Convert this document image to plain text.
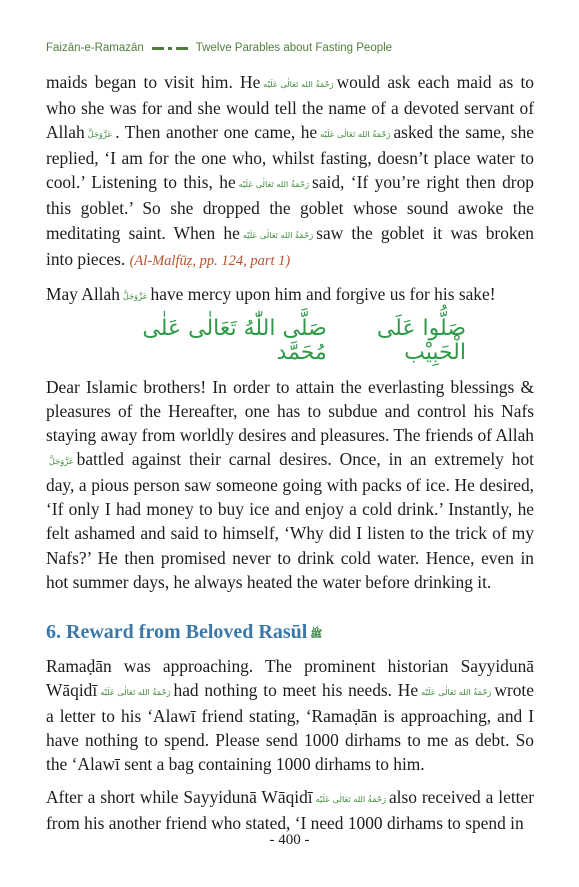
Faizān-e-Ramazān	Twelve Parables about Fasting People

maids began to visit him. He رَحْمَةُ الله تَعَالٰی عَلَیْه would ask each maid as to who she was for and she would tell the name of a devoted servant of Allah عَزَّوَجَلَّ . Then another one came, he رَحْمَةُ الله تَعَالٰی عَلَیْه asked the same, she replied, ‘I am for the one who, whilst fasting, doesn’t place water to cool.’ Listening to this, he رَحْمَةُ الله تَعَالٰی عَلَیْه said, ‘If you’re right then drop this goblet.’ So she dropped the goblet whose sound awoke the meditating saint. When he رَحْمَةُ الله تَعَالٰی عَلَیْه saw the goblet it was broken into pieces. (Al-Malfūẓ, pp. 124, part 1)

May Allah عَزَّوَجَلَّ have mercy upon him and forgive us for his sake!

صَلُّوا عَلَى الْحَبِيْب
صَلَّى اللّٰهُ تَعَالٰى عَلٰى مُحَمَّد

Dear Islamic brothers! In order to attain the everlasting blessings & pleasures of the Hereafter, one has to subdue and control his Nafs staying away from worldly desires and pleasures. The friends of Allahعَزَّوَجَلَّ battled against their carnal desires. Once, in an extremely hot day, a pious person saw someone going with packs of ice. He desired, ‘If only I had money to buy ice and enjoy a cold drink.’ Instantly, he felt ashamed and said to himself, ‘Why did I listen to the trick of my Nafs?’ He then promised never to drink cold water. Hence, even in hot summer days, he always heated the water before drinking it.

6. Reward from Beloved Rasūl ﷺ

Ramaḍān was approaching. The prominent historian Sayyidunā Wāqidī رَحْمَةُ الله تَعَالٰی عَلَیْه had nothing to meet his needs. He رَحْمَةُ الله تَعَالٰی عَلَیْه wrote a letter to his ‘Alawī friend stating, ‘Ramaḍān is approaching, and I have nothing to spend. Please send 1000 dirhams to me as debt. So the ‘Alawī sent a bag containing 1000 dirhams to him.

After a short while Sayyidunā Wāqidī رَحْمَةُ الله تَعَالٰی عَلَیْه also received a letter from his another friend who stated, ‘I need 1000 dirhams to spend in

- 400 -
